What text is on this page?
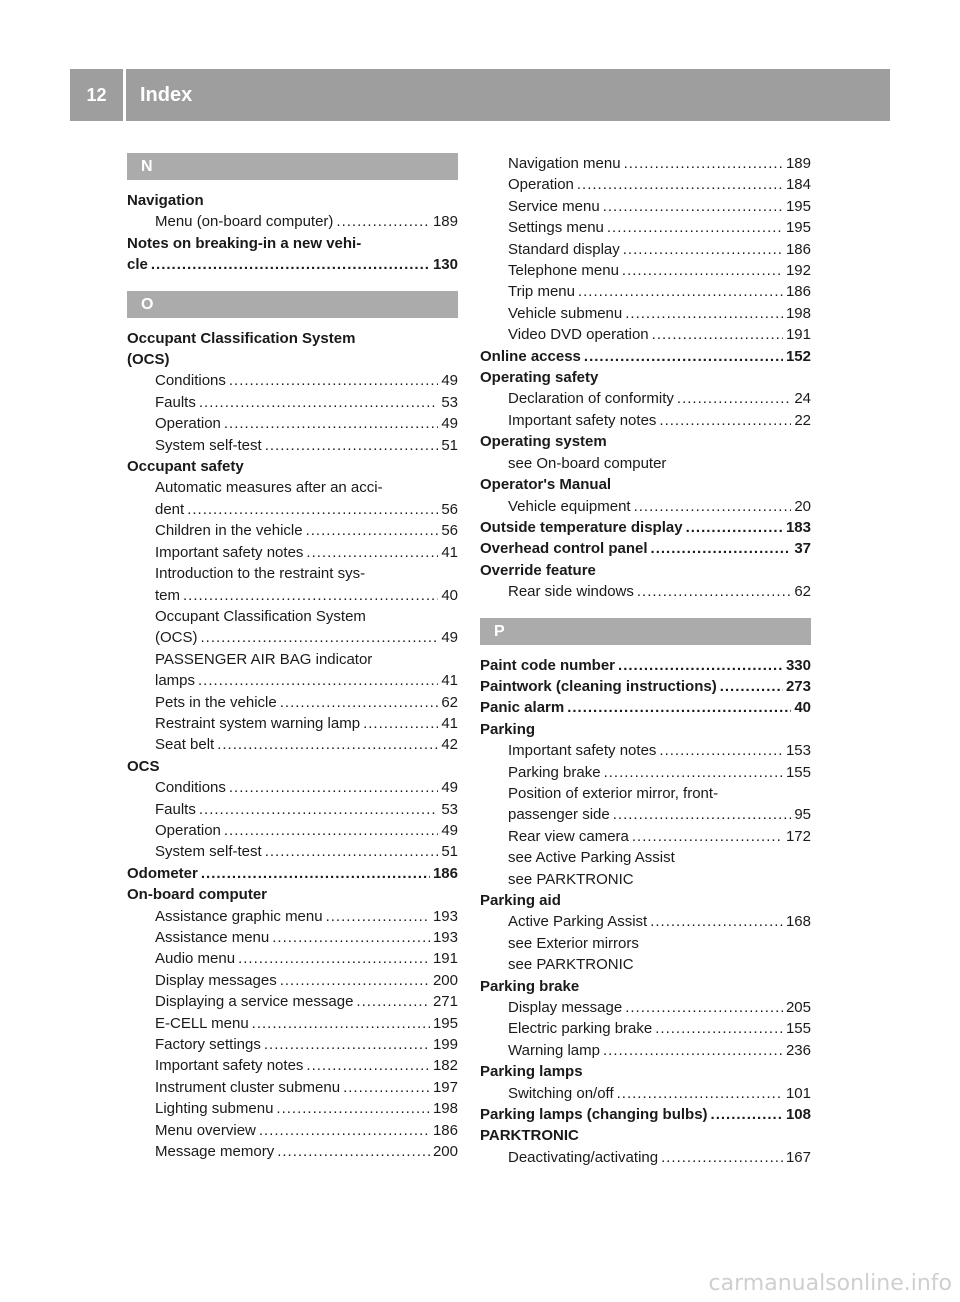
12	Index
N
Navigation
Menu (on-board computer) .....	189
Notes on breaking-in a new vehi-
cle .....	130
O
Occupant Classification System
(OCS)
Conditions .....	49
Faults .....	53
Operation .....	49
System self-test .....	51
Occupant safety
Automatic measures after an acci-
dent .....	56
Children in the vehicle .....	56
Important safety notes .....	41
Introduction to the restraint sys-
tem .....	40
Occupant Classification System
(OCS) .....	49
PASSENGER AIR BAG indicator
lamps .....	41
Pets in the vehicle .....	62
Restraint system warning lamp .....	41
Seat belt .....	42
OCS
Conditions .....	49
Faults .....	53
Operation .....	49
System self-test .....	51
Odometer .....	186
On-board computer
Assistance graphic menu .....	193
Assistance menu .....	193
Audio menu .....	191
Display messages .....	200
Displaying a service message .....	271
E-CELL menu .....	195
Factory settings .....	199
Important safety notes .....	182
Instrument cluster submenu .....	197
Lighting submenu .....	198
Menu overview .....	186
Message memory .....	200
Navigation menu .....	189
Operation .....	184
Service menu .....	195
Settings menu .....	195
Standard display .....	186
Telephone menu .....	192
Trip menu .....	186
Vehicle submenu .....	198
Video DVD operation .....	191
Online access .....	152
Operating safety
Declaration of conformity .....	24
Important safety notes .....	22
Operating system
see On-board computer
Operator's Manual
Vehicle equipment .....	20
Outside temperature display .....	183
Overhead control panel .....	37
Override feature
Rear side windows .....	62
P
Paint code number .....	330
Paintwork (cleaning instructions) .....	273
Panic alarm .....	40
Parking
Important safety notes .....	153
Parking brake .....	155
Position of exterior mirror, front-
passenger side .....	95
Rear view camera .....	172
see Active Parking Assist
see PARKTRONIC
Parking aid
Active Parking Assist .....	168
see Exterior mirrors
see PARKTRONIC
Parking brake
Display message .....	205
Electric parking brake .....	155
Warning lamp .....	236
Parking lamps
Switching on/off .....	101
Parking lamps (changing bulbs) .....	108
PARKTRONIC
Deactivating/activating .....	167
carmanualsonline.info
